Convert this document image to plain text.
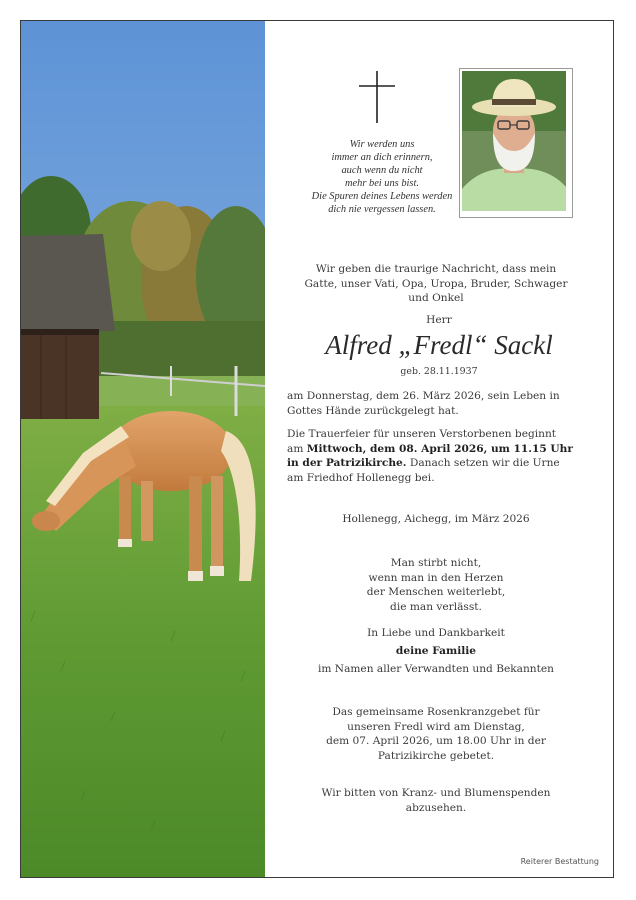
Wir werden uns
immer an dich erinnern,
auch wenn du nicht
mehr bei uns bist.
Die Spuren deines Lebens werden
dich nie vergessen lassen.
Wir geben die traurige Nachricht, dass mein
Gatte, unser Vati, Opa, Uropa, Bruder, Schwager
und Onkel
Herr
Alfred „Fredl“ Sackl
geb. 28.11.1937
am Donnerstag, dem 26. März 2026, sein Leben in
Gottes Hände zurückgelegt hat.
Die Trauerfeier für unseren Verstorbenen beginnt
am Mittwoch, dem 08. April 2026, um 11.15 Uhr
in der Patrizikirche. Danach setzen wir die Urne
am Friedhof Hollenegg bei.
Hollenegg, Aichegg, im März 2026
Man stirbt nicht,
wenn man in den Herzen
der Menschen weiterlebt,
die man verlässt.
In Liebe und Dankbarkeit
deine Familie
im Namen aller Verwandten und Bekannten
Das gemeinsame Rosenkranzgebet für
unseren Fredl wird am Dienstag,
dem 07. April 2026, um 18.00 Uhr in der
Patrizikirche gebetet.
Wir bitten von Kranz- und Blumenspenden
abzusehen.
Reiterer Bestattung
